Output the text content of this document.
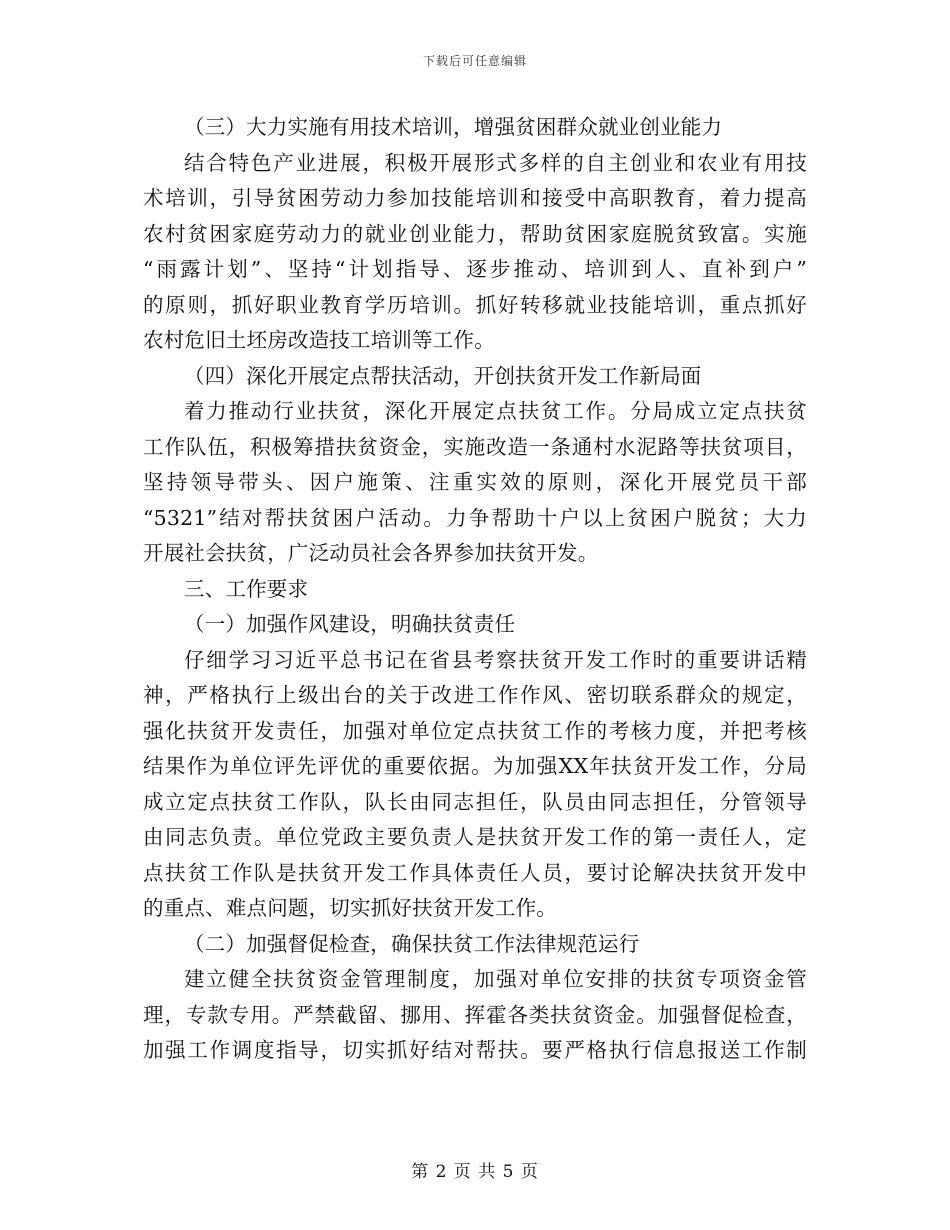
下载后可任意编辑
（三）大力实施有用技术培训，增强贫困群众就业创业能力
结合特色产业进展，积极开展形式多样的自主创业和农业有用技
术培训，引导贫困劳动力参加技能培训和接受中高职教育，着力提高
农村贫困家庭劳动力的就业创业能力，帮助贫困家庭脱贫致富。实施
“雨露计划”、坚持“计划指导、逐步推动、培训到人、直补到户”
的原则，抓好职业教育学历培训。抓好转移就业技能培训，重点抓好
农村危旧土坯房改造技工培训等工作。
（四）深化开展定点帮扶活动，开创扶贫开发工作新局面
着力推动行业扶贫，深化开展定点扶贫工作。分局成立定点扶贫
工作队伍，积极筹措扶贫资金，实施改造一条通村水泥路等扶贫项目，
坚持领导带头、因户施策、注重实效的原则，深化开展党员干部
“5321”结对帮扶贫困户活动。力争帮助十户以上贫困户脱贫；大力
开展社会扶贫，广泛动员社会各界参加扶贫开发。
三、工作要求
（一）加强作风建设，明确扶贫责任
仔细学习习近平总书记在省县考察扶贫开发工作时的重要讲话精
神，严格执行上级出台的关于改进工作作风、密切联系群众的规定，
强化扶贫开发责任，加强对单位定点扶贫工作的考核力度，并把考核
结果作为单位评先评优的重要依据。为加强XX年扶贫开发工作，分局
成立定点扶贫工作队，队长由同志担任，队员由同志担任，分管领导
由同志负责。单位党政主要负责人是扶贫开发工作的第一责任人，定
点扶贫工作队是扶贫开发工作具体责任人员，要讨论解决扶贫开发中
的重点、难点问题，切实抓好扶贫开发工作。
（二）加强督促检查，确保扶贫工作法律规范运行
建立健全扶贫资金管理制度，加强对单位安排的扶贫专项资金管
理，专款专用。严禁截留、挪用、挥霍各类扶贫资金。加强督促检查，
加强工作调度指导，切实抓好结对帮扶。要严格执行信息报送工作制
第 2 页 共 5 页
